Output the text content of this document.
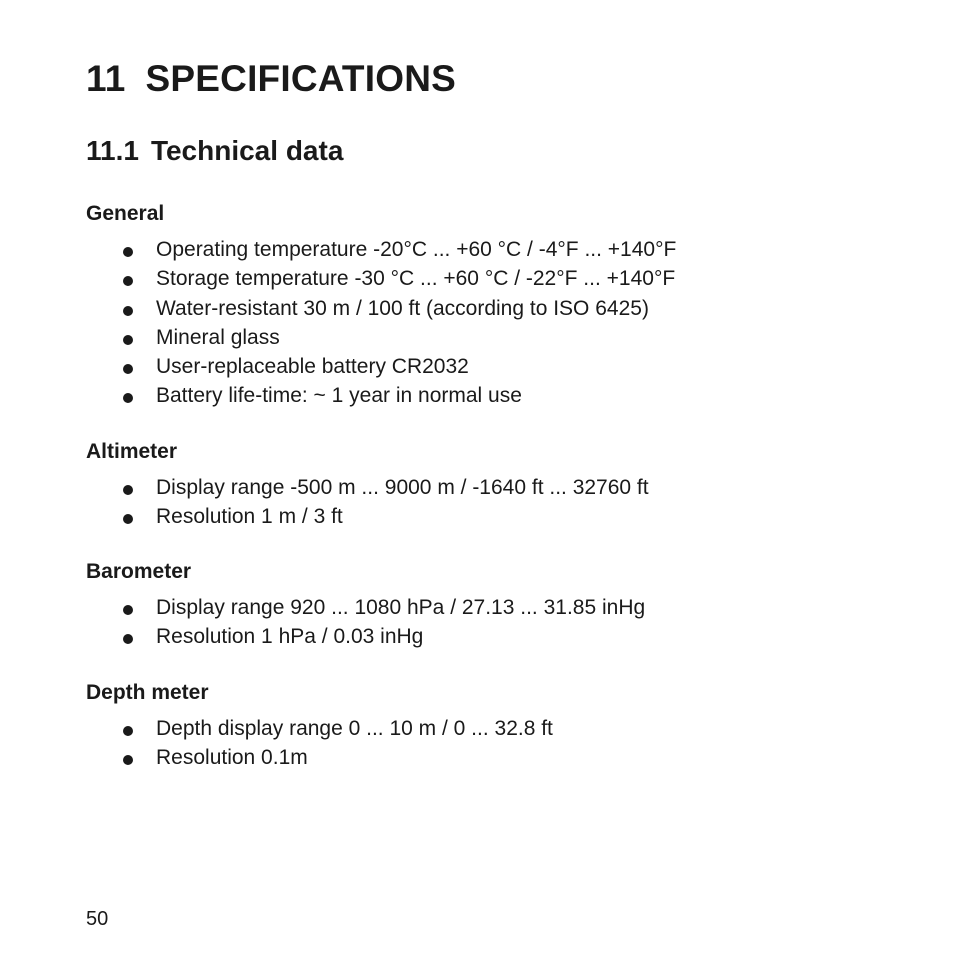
11 SPECIFICATIONS
11.1 Technical data
General
Operating temperature -20°C ... +60 °C / -4°F ... +140°F
Storage temperature -30 °C ... +60 °C / -22°F ... +140°F
Water-resistant 30 m / 100 ft (according to ISO 6425)
Mineral glass
User-replaceable battery CR2032
Battery life-time: ~ 1 year in normal use
Altimeter
Display range -500 m ... 9000 m / -1640 ft ... 32760 ft
Resolution 1 m / 3 ft
Barometer
Display range 920 ... 1080 hPa / 27.13 ... 31.85 inHg
Resolution 1 hPa / 0.03 inHg
Depth meter
Depth display range 0 ... 10 m / 0 ... 32.8 ft
Resolution 0.1m
50
